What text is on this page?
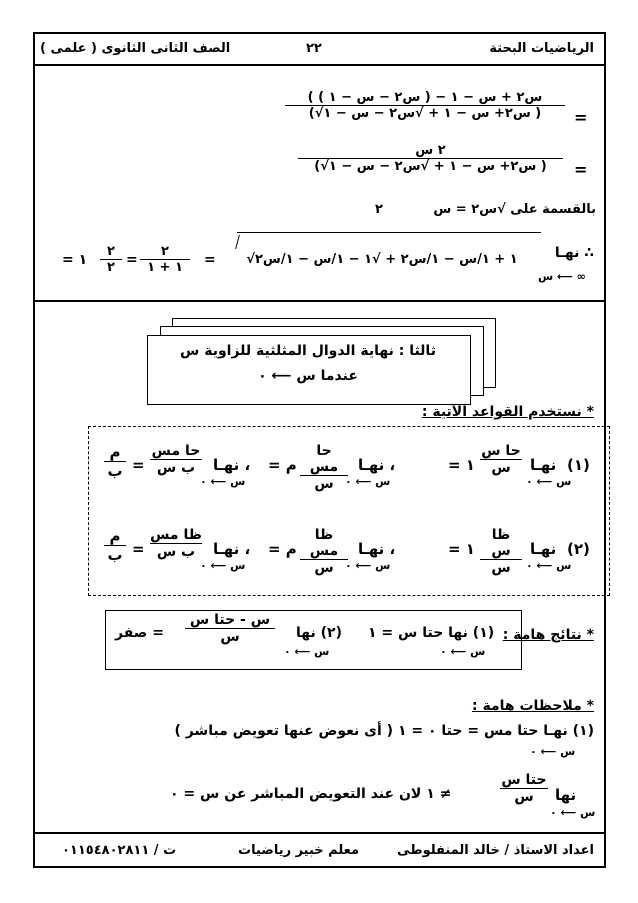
الرياضيات البحتة
٢٢
الصف الثانى الثانوى ( علمى )
=
( س٢ + س − ١ − ( س٢ − س − ١ )
(√س٢+ س − ١ + √س٢ − س − ١ )
=
٢ س
(√س٢+ س − ١ + √س٢ − س − ١ )
بالقسمة على √س٢ = س
٢
∴ نهـا
س ⟵ ∞
√١ + ١/س − ١/س٢ + √١ − ١/س − ١/س٢
=
٢
١ + ١
=
٢
٢
= ١
ثالثا : نهاية الدوال المثلثية للزاوية س
عندما س ⟵ ٠
* نستخدم القواعد الآتية :
(١)
نهـا
س ⟵ ٠
حا س
س
= ١
، نهـا
س ⟵ ٠
حا مس
س
= م
، نهـا
س ⟵ ٠
حا مس
ب س
=
م
ب
(٢)
نهـا
س ⟵ ٠
ظا س
س
= ١
، نهـا
س ⟵ ٠
ظا مس
س
= م
، نهـا
س ⟵ ٠
ظا مس
ب س
=
م
ب
* نتائج هامة :
(١) نها حتا س = ١
س ⟵ ٠
(٢) نها
س ⟵ ٠
س - حتا س
س
= صفر
* ملاحظات هامة :
(١) نهـا حتا مس = حتا ٠ = ١ ( أى نعوض عنها تعويض مباشر )
س ⟵ ٠
نها
س ⟵ ٠
حتا س
س
≠ ١ لان عند التعويض المباشر عن س = ٠
اعداد الاستاذ / خالد المنفلوطى
معلم خبير رياضيات
ت / ٠١١٥٤٨٠٢٨١١
